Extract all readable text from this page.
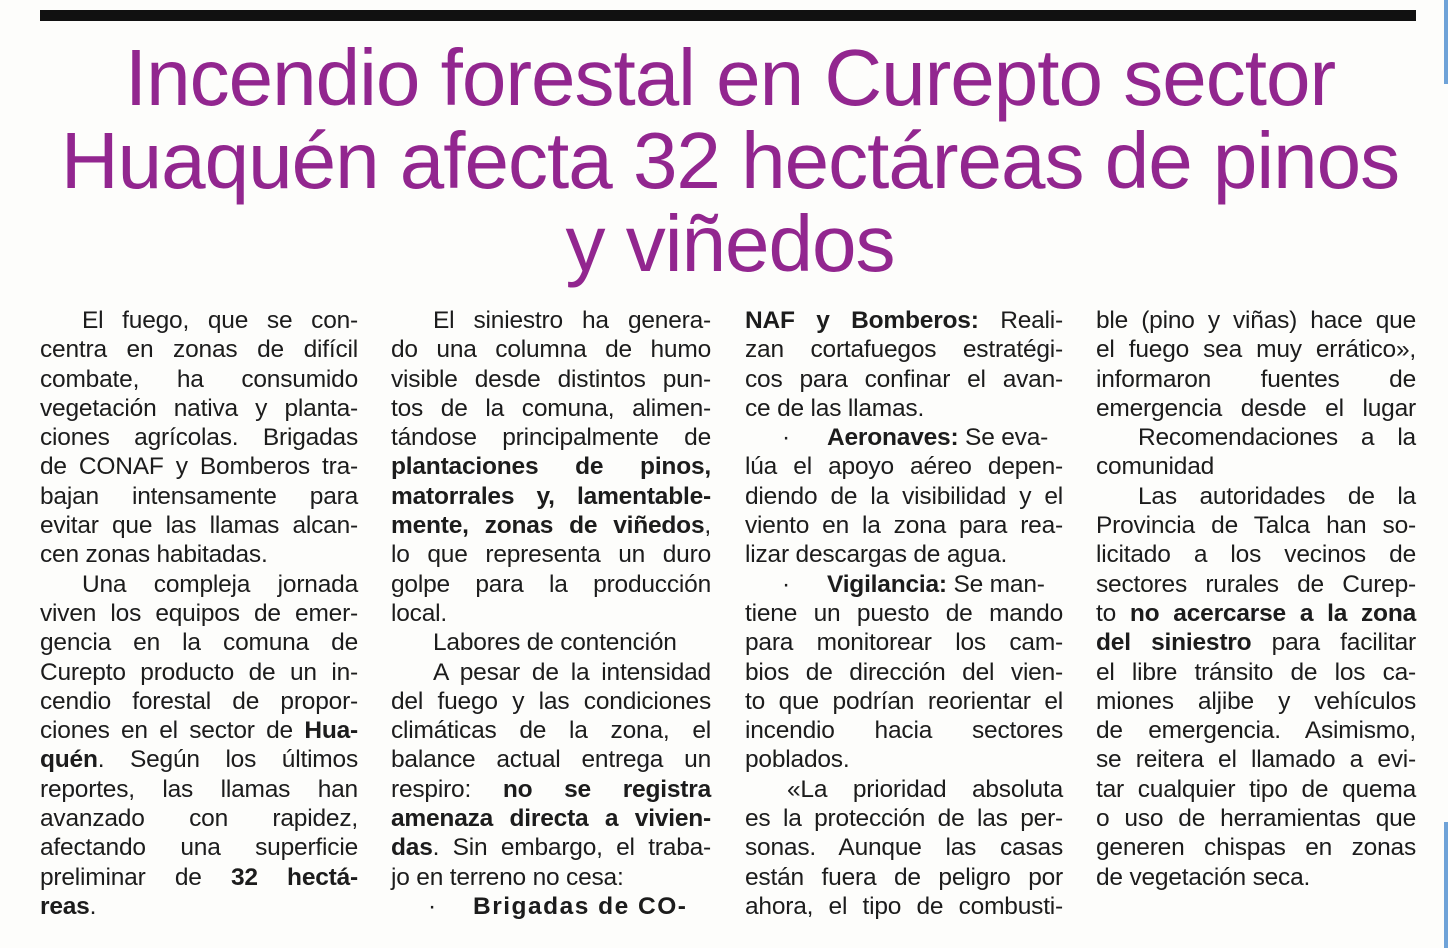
Incendio forestal en Curepto sector
Huaquén afecta 32 hectáreas de pinos
y viñedos
El fuego, que se con-
centra en zonas de difícil
combate, ha consumido
vegetación nativa y planta-
ciones agrícolas. Brigadas
de CONAF y Bomberos tra-
bajan intensamente para
evitar que las llamas alcan-
cen zonas habitadas.
Una compleja jornada
viven los equipos de emer-
gencia en la comuna de
Curepto producto de un in-
cendio forestal de propor-
ciones en el sector de Hua-
quén. Según los últimos
reportes, las llamas han
avanzado con rapidez,
afectando una superficie
preliminar de 32 hectá-
reas.
El siniestro ha genera-
do una columna de humo
visible desde distintos pun-
tos de la comuna, alimen-
tándose principalmente de
plantaciones de pinos,
matorrales y, lamentable-
mente, zonas de viñedos,
lo que representa un duro
golpe para la producción
local.
Labores de contención
A pesar de la intensidad
del fuego y las condiciones
climáticas de la zona, el
balance actual entrega un
respiro: no se registra
amenaza directa a vivien-
das. Sin embargo, el traba-
jo en terreno no cesa:
· Brigadas de CO-
NAF y Bomberos: Reali-
zan cortafuegos estratégi-
cos para confinar el avan-
ce de las llamas.
· Aeronaves: Se eva-
lúa el apoyo aéreo depen-
diendo de la visibilidad y el
viento en la zona para rea-
lizar descargas de agua.
· Vigilancia: Se man-
tiene un puesto de mando
para monitorear los cam-
bios de dirección del vien-
to que podrían reorientar el
incendio hacia sectores
poblados.
«La prioridad absoluta
es la protección de las per-
sonas. Aunque las casas
están fuera de peligro por
ahora, el tipo de combusti-
ble (pino y viñas) hace que
el fuego sea muy errático»,
informaron fuentes de
emergencia desde el lugar
Recomendaciones a la
comunidad
Las autoridades de la
Provincia de Talca han so-
licitado a los vecinos de
sectores rurales de Curep-
to no acercarse a la zona
del siniestro para facilitar
el libre tránsito de los ca-
miones aljibe y vehículos
de emergencia. Asimismo,
se reitera el llamado a evi-
tar cualquier tipo de quema
o uso de herramientas que
generen chispas en zonas
de vegetación seca.
